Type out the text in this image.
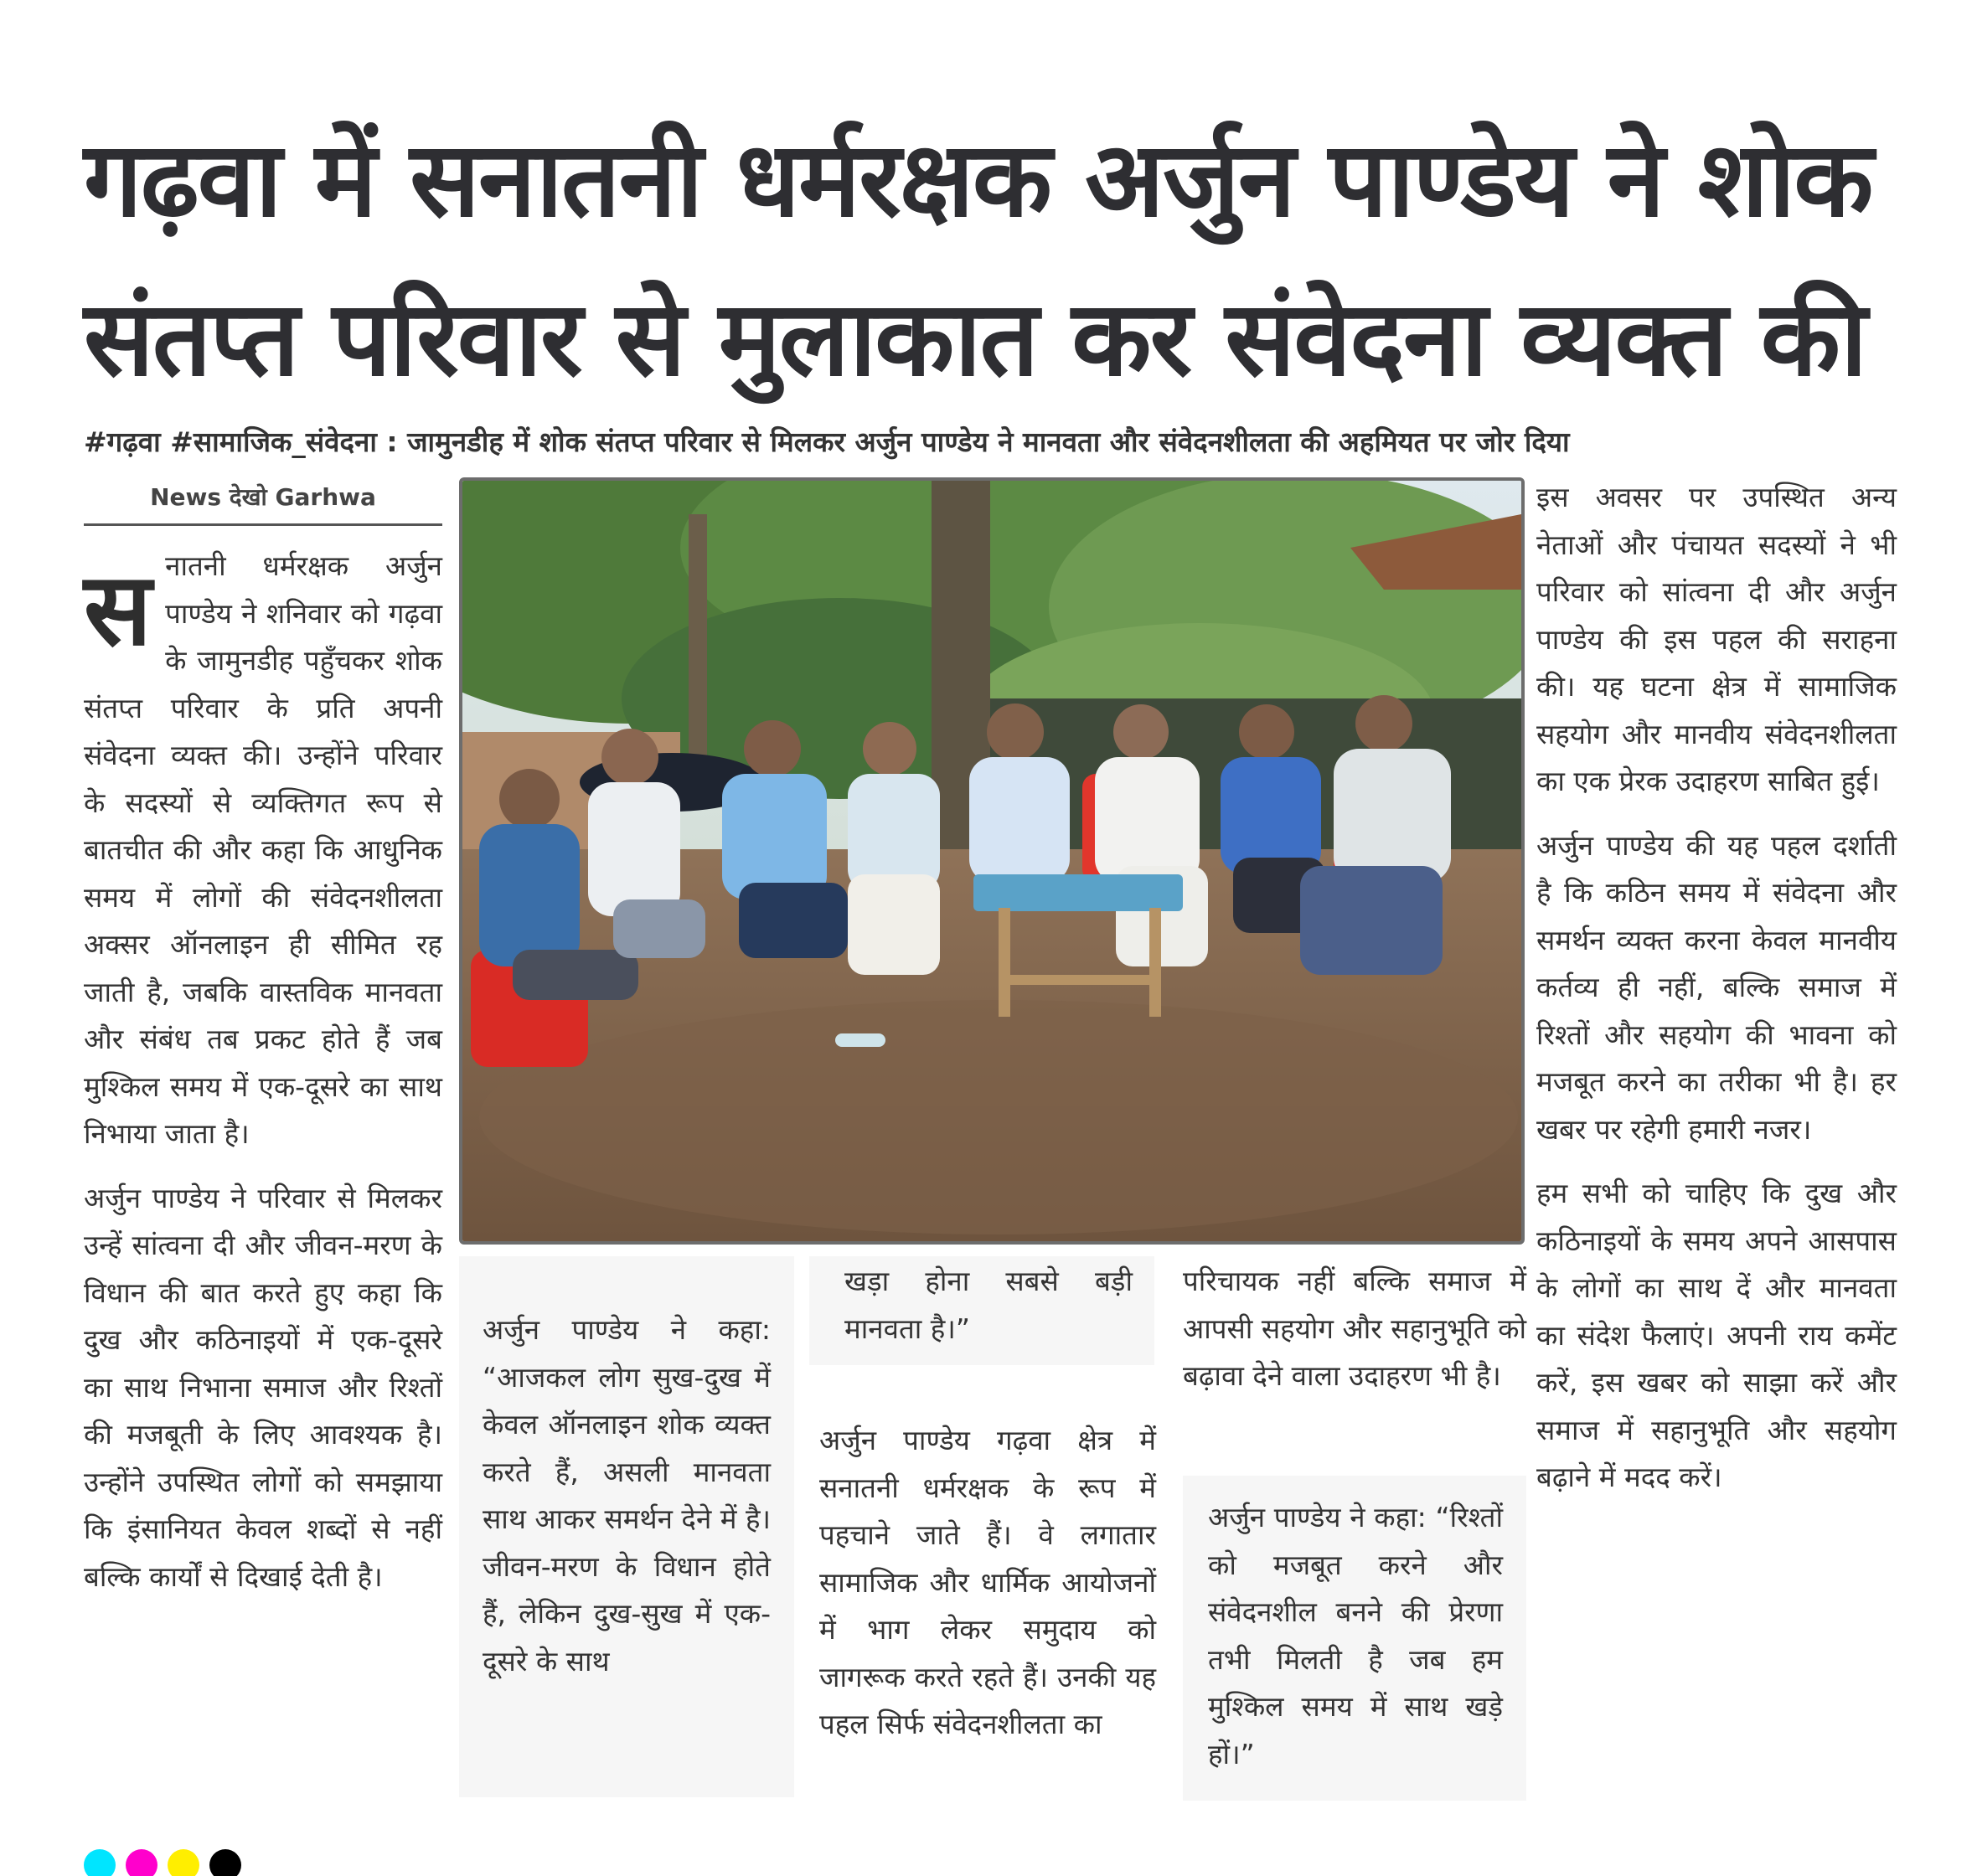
गढ़वा में सनातनी धर्मरक्षक अर्जुन पाण्डेय ने शोक
संतप्त परिवार से मुलाकात कर संवेदना व्यक्त की
#गढ़वा #सामाजिक_संवेदना : जामुनडीह में शोक संतप्त परिवार से मिलकर अर्जुन पाण्डेय ने मानवता और संवेदनशीलता की अहमियत पर जोर दिया
News देखो Garhwa

सनातनी धर्मरक्षक अर्जुन पाण्डेय ने शनिवार को गढ़वा के जामुनडीह पहुँचकर शोक संतप्त परिवार के प्रति अपनी संवेदना व्यक्त की। उन्होंने परिवार के सदस्यों से व्यक्तिगत रूप से बातचीत की और कहा कि आधुनिक समय में लोगों की संवेदनशीलता अक्सर ऑनलाइन ही सीमित रह जाती है, जबकि वास्तविक मानवता और संबंध तब प्रकट होते हैं जब मुश्किल समय में एक-दूसरे का साथ निभाया जाता है।

अर्जुन पाण्डेय ने परिवार से मिलकर उन्हें सांत्वना दी और जीवन-मरण के विधान की बात करते हुए कहा कि दुख और कठिनाइयों में एक-दूसरे का साथ निभाना समाज और रिश्तों की मजबूती के लिए आवश्यक है। उन्होंने उपस्थित लोगों को समझाया कि इंसानियत केवल शब्दों से नहीं बल्कि कार्यों से दिखाई देती है।

अर्जुन पाण्डेय ने कहा: “आजकल लोग सुख-दुख में केवल ऑनलाइन शोक व्यक्त करते हैं, असली मानवता साथ आकर समर्थन देने में है। जीवन-मरण के विधान होते हैं, लेकिन दुख-सुख में एक-दूसरे के साथ
खड़ा होना सबसे बड़ी मानवता है।”

अर्जुन पाण्डेय गढ़वा क्षेत्र में सनातनी धर्मरक्षक के रूप में पहचाने जाते हैं। वे लगातार सामाजिक और धार्मिक आयोजनों में भाग लेकर समुदाय को जागरूक करते रहते हैं। उनकी यह पहल सिर्फ संवेदनशीलता का

परिचायक नहीं बल्कि समाज में आपसी सहयोग और सहानुभूति को बढ़ावा देने वाला उदाहरण भी है।

अर्जुन पाण्डेय ने कहा: “रिश्तों को मजबूत करने और संवेदनशील बनने की प्रेरणा तभी मिलती है जब हम मुश्किल समय में साथ खड़े हों।”

इस अवसर पर उपस्थित अन्य नेताओं और पंचायत सदस्यों ने भी परिवार को सांत्वना दी और अर्जुन पाण्डेय की इस पहल की सराहना की। यह घटना क्षेत्र में सामाजिक सहयोग और मानवीय संवेदनशीलता का एक प्रेरक उदाहरण साबित हुई।

अर्जुन पाण्डेय की यह पहल दर्शाती है कि कठिन समय में संवेदना और समर्थन व्यक्त करना केवल मानवीय कर्तव्य ही नहीं, बल्कि समाज में रिश्तों और सहयोग की भावना को मजबूत करने का तरीका भी है। हर खबर पर रहेगी हमारी नजर।

हम सभी को चाहिए कि दुख और कठिनाइयों के समय अपने आसपास के लोगों का साथ दें और मानवता का संदेश फैलाएं। अपनी राय कमेंट करें, इस खबर को साझा करें और समाज में सहानुभूति और सहयोग बढ़ाने में मदद करें।
